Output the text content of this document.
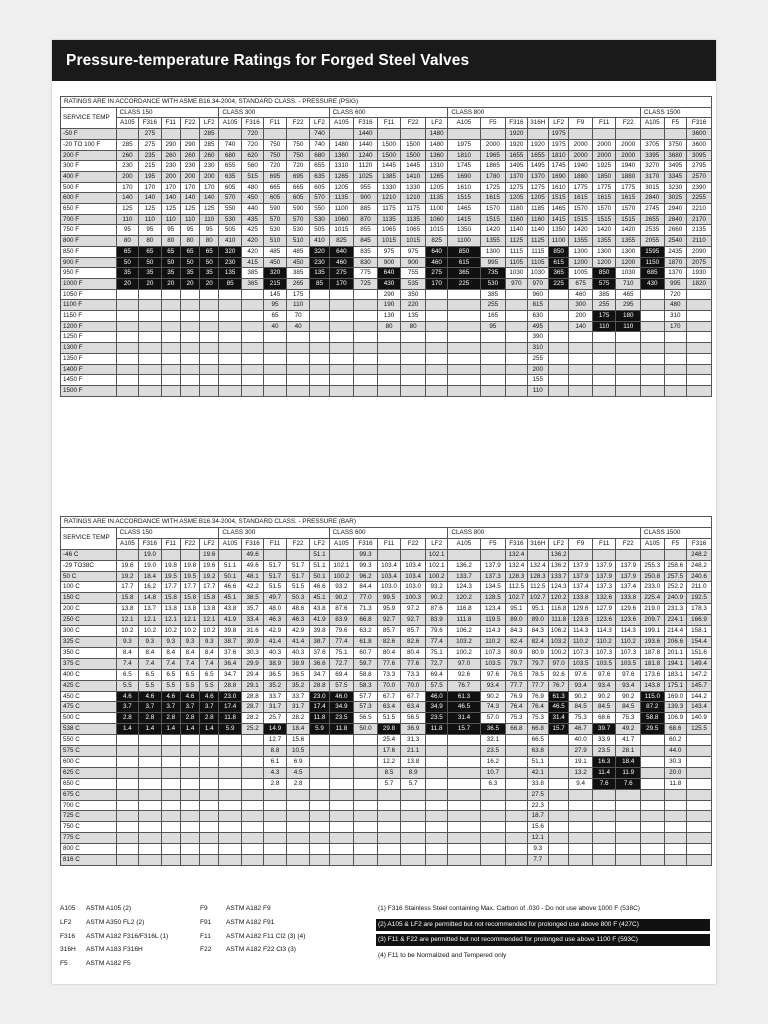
Pressure-temperature Ratings for Forged Steel Valves
RATINGS ARE IN ACCORDANCE WITH ASME B16.34-2004, STANDARD CLASS. - PRESSURE (PSIG)																										
SERVICE TEMP	CLASS 150					CLASS 300					CLASS 600					CLASS 800								CLASS 1500		
	A105	F316	F11	F22	LF2	A105	F316	F11	F22	LF2	A105	F316	F11	F22	LF2	A105	F5	F316	316H	LF2	F9	F11	F22	A105	F5	F316
-50 F		275			285		720			740		1440			1480			1920		1975						3600
-20 TO 100 F	285	275	290	290	285	740	720	750	750	740	1480	1440	1500	1500	1480	1975	2000	1920	1920	1975	2000	2000	2000	3705	3750	3600
200 F	260	235	260	260	260	680	620	750	750	680	1360	1240	1500	1500	1360	1810	1965	1655	1655	1810	2000	2000	2000	3395	3680	3095
300 F	230	215	230	230	230	655	560	720	720	655	1310	1120	1445	1445	1310	1745	1865	1495	1495	1745	1940	1925	1940	3270	3495	2795
400 F	200	195	200	200	200	635	515	695	695	635	1265	1025	1385	1410	1265	1690	1780	1370	1370	1690	1880	1850	1880	3170	3345	2570
500 F	170	170	170	170	170	605	480	665	665	605	1205	955	1330	1330	1205	1610	1725	1275	1275	1610	1775	1775	1775	3015	3230	2390
600 F	140	140	140	140	140	570	450	605	605	570	1135	900	1210	1210	1135	1515	1615	1205	1205	1515	1615	1615	1615	2840	3025	2255
650 F	125	125	125	125	125	550	440	590	590	550	1100	885	1175	1175	1100	1465	1570	1180	1185	1465	1570	1570	1570	2745	2940	2210
700 F	110	110	110	110	110	530	435	570	570	530	1060	870	1135	1135	1060	1415	1515	1160	1160	1415	1515	1515	1515	2655	2840	2170
750 F	95	95	95	95	95	505	425	530	530	505	1015	855	1065	1065	1015	1350	1420	1140	1140	1350	1420	1420	1420	2535	2660	2135
800 F	80	80	80	80	80	410	420	510	510	410	825	845	1015	1015	825	1100	1355	1125	1125	1100	1355	1355	1355	2055	2540	2110
850 F	65	65	65	65	65	320	420	485	485	320	640	835	975	975	640	850	1300	1115	1115	850	1300	1300	1300	1595	2435	2090
900 F	50	50	50	50	50	230	415	450	450	230	460	830	900	900	460	615	995	1105	1105	615	1200	1200	1200	1150	1870	2075
950 F	35	35	35	35	35	135	385	320	385	135	275	775	640	755	275	365	735	1030	1030	365	1005	850	1030	685	1370	1930
1000 F	20	20	20	20	20	85	365	215	265	85	170	725	430	535	170	225	530	970	970	225	675	575	710	430	995	1820
1050 F								145	175				290	350			385		960		460	385	465		720	
1100 F								95	110				190	220			255		815		300	255	295		480	
1150 F								65	70				130	135			165		630		200	175	180		310	
1200 F								40	40				80	80			95		495		140	110	110		170	
1250 F																			390							
1300 F																			310							
1350 F																			255							
1400 F																			200							
1450 F																			155							
1500 F																			110							
RATINGS ARE IN ACCORDANCE WITH ASME B16.34-2004, STANDARD CLASS. - PRESSURE (BAR)																										
SERVICE TEMP	CLASS 150					CLASS 300					CLASS 600					CLASS 800								CLASS 1500		
	A105	F316	F11	F22	LF2	A105	F316	F11	F22	LF2	A105	F316	F11	F22	LF2	A105	F5	F316	316H	LF2	F9	F11	F22	A105	F5	F316
-46 C		19.0			19.6		49.6			51.1		99.3			102.1			132.4		136.2						248.2
-29 TO38C	19.6	19.0	19.8	19.8	19.6	51.1	49.6	51.7	51.7	51.1	102.1	99.3	103.4	103.4	102.1	136.2	137.9	132.4	132.4	136.2	137.9	137.9	137.9	255.3	258.6	248.2
50 C	19.2	18.4	19.5	19.5	19.2	50.1	48.1	51.7	51.7	50.1	100.2	96.2	103.4	103.4	100.2	133.7	137.3	128.3	128.3	133.7	137.9	137.9	137.9	250.8	257.5	240.6
100 C	17.7	16.2	17.7	17.7	17.7	46.6	42.2	51.5	51.5	46.6	93.2	84.4	103.0	103.0	93.2	124.3	134.5	112.5	112.5	124.3	137.4	137.3	137.4	233.0	252.2	211.0
150 C	15.8	14.8	15.8	15.8	15.8	45.1	38.5	49.7	50.3	45.1	90.2	77.0	99.5	100.3	90.2	120.2	128.5	102.7	102.7	120.2	133.8	132.6	133.8	225.4	240.9	192.5
200 C	13.8	13.7	13.8	13.8	13.8	43.8	35.7	48.0	48.6	43.8	87.6	71.3	95.9	97.2	87.6	116.8	123.4	95.1	95.1	116.8	129.6	127.9	129.6	219.0	231.3	178.3
250 C	12.1	12.1	12.1	12.1	12.1	41.9	33.4	46.3	46.3	41.9	83.9	66.8	92.7	92.7	83.9	111.8	119.5	89.0	89.0	111.8	123.6	123.6	123.6	209.7	224.1	166.9
300 C	10.2	10.2	10.2	10.2	10.2	39.8	31.6	42.9	42.9	39.8	79.6	63.2	85.7	85.7	79.6	106.2	114.3	84.3	84.3	106.2	114.3	114.3	114.3	199.1	214.4	158.1
325 C	9.3	9.3	9.3	9.3	9.3	38.7	30.9	41.4	41.4	38.7	77.4	61.8	82.6	82.6	77.4	103.2	110.2	82.4	82.4	103.2	110.2	110.2	110.2	193.6	206.6	154.4
350 C	8.4	8.4	8.4	8.4	8.4	37.6	30.3	40.3	40.3	37.6	75.1	60.7	80.4	80.4	75.1	100.2	107.3	80.9	80.9	100.2	107.3	107.3	107.3	187.8	201.1	151.6
375 C	7.4	7.4	7.4	7.4	7.4	36.4	29.9	38.9	38.9	36.6	72.7	59.7	77.6	77.6	72.7	97.0	103.5	79.7	79.7	97.0	103.5	103.5	103.5	181.8	194.1	149.4
400 C	6.5	6.5	6.5	6.5	6.5	34.7	29.4	36.5	36.5	34.7	69.4	58.8	73.3	73.3	69.4	92.6	97.6	78.5	78.5	92.6	97.6	97.6	97.6	173.6	183.1	147.2
425 C	5.5	5.5	5.5	5.5	5.5	28.8	29.1	35.2	35.2	28.8	57.5	58.3	70.0	70.0	57.5	76.7	93.4	77.7	77.7	76.7	93.4	93.4	93.4	143.8	175.1	145.7
450 C	4.6	4.6	4.6	4.6	4.6	23.0	28.8	33.7	33.7	23.0	46.0	57.7	67.7	67.7	46.0	61.3	90.2	76.9	76.9	61.3	90.2	90.2	90.2	115.0	169.0	144.2
475 C	3.7	3.7	3.7	3.7	3.7	17.4	28.7	31.7	31.7	17.4	34.9	57.3	63.4	63.4	34.9	46.5	74.3	76.4	76.4	46.5	84.5	84.5	84.5	87.2	139.3	143.4
500 C	2.8	2.8	2.8	2.8	2.8	11.8	28.2	25.7	28.2	11.8	23.5	56.5	51.5	56.5	23.5	31.4	57.0	75.3	75.3	31.4	75.3	68.6	75.3	58.8	106.9	140.9
538 C	1.4	1.4	1.4	1.4	1.4	5.9	25.2	14.9	18.4	5.9	11.8	50.0	29.8	36.9	11.8	15.7	36.5	66.8	66.8	15.7	46.7	39.7	49.2	29.5	68.6	125.5
550 C								12.7	15.6				25.4	31.3			32.1		66.5		40.0	33.9	41.7		60.2	
575 C								8.8	10.5				17.6	21.1			23.5		63.8		27.9	23.5	28.1		44.0	
600 C								6.1	6.9				12.2	13.8			16.2		51.1		19.1	16.3	18.4		30.3	
625 C								4.3	4.5				8.5	8.9			10.7		42.1		13.2	11.4	11.9		20.0	
650 C								2.8	2.8				5.7	5.7			6.3		33.8		9.4	7.6	7.6		11.8	
675 C																			27.5							
700 C																			22.3							
725 C																			18.7							
750 C																			15.6							
775 C																			12.1							
800 C																			9.3							
816 C																			7.7							
A105 ASTM A105 (2)
LF2 ASTM A350 FL2 (2)
F316 ASTM A182 F316/F316L (1)
316H ASTM A183 F316H
F5	ASTM A182 F5
F9	ASTM A182 F9
F91 ASTM A182 F91
F11 ASTM A182 F11 Cl2 (3) (4)
F22 ASTM A182 F22 Cl3 (3)
(1) F316 Stainless Steel containing Max. Carbon of .030 - Do not use above 1000 F (538C)
(2) A105 & LF2 are permitted but not recommended for prolonged use above 800 F (427C)
(3) F11 & F22 are permitted but not recommended for prolonged use above 1100 F (593C)
(4) F11 to be Normalized and Tempered only
